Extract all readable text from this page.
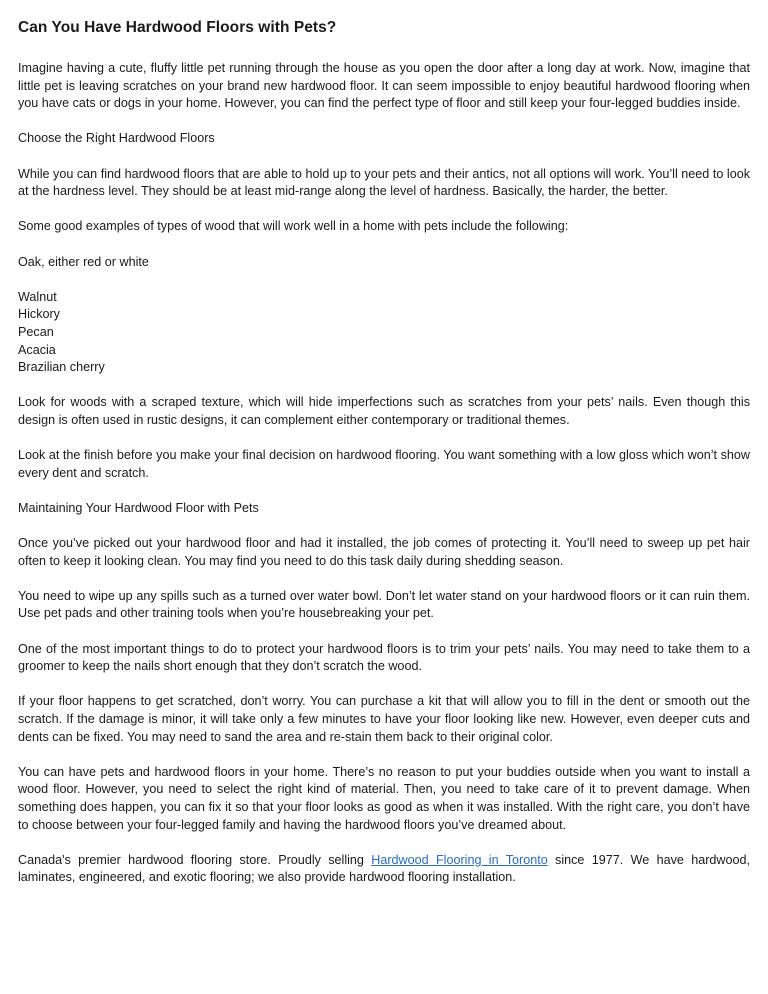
Can You Have Hardwood Floors with Pets?

Imagine having a cute, fluffy little pet running through the house as you open the door after a long day at work. Now, imagine that little pet is leaving scratches on your brand new hardwood floor. It can seem impossible to enjoy beautiful hardwood flooring when you have cats or dogs in your home. However, you can find the perfect type of floor and still keep your four-legged buddies inside.

Choose the Right Hardwood Floors

While you can find hardwood floors that are able to hold up to your pets and their antics, not all options will work. You’ll need to look at the hardness level. They should be at least mid-range along the level of hardness. Basically, the harder, the better.

Some good examples of types of wood that will work well in a home with pets include the following:

Oak, either red or white

Walnut
Hickory
Pecan
Acacia
Brazilian cherry

Look for woods with a scraped texture, which will hide imperfections such as scratches from your pets’ nails. Even though this design is often used in rustic designs, it can complement either contemporary or traditional themes.

Look at the finish before you make your final decision on hardwood flooring. You want something with a low gloss which won’t show every dent and scratch.

Maintaining Your Hardwood Floor with Pets

Once you’ve picked out your hardwood floor and had it installed, the job comes of protecting it. You’ll need to sweep up pet hair often to keep it looking clean. You may find you need to do this task daily during shedding season.

You need to wipe up any spills such as a turned over water bowl. Don’t let water stand on your hardwood floors or it can ruin them. Use pet pads and other training tools when you’re housebreaking your pet.

One of the most important things to do to protect your hardwood floors is to trim your pets’ nails. You may need to take them to a groomer to keep the nails short enough that they don’t scratch the wood.

If your floor happens to get scratched, don’t worry. You can purchase a kit that will allow you to fill in the dent or smooth out the scratch. If the damage is minor, it will take only a few minutes to have your floor looking like new. However, even deeper cuts and dents can be fixed. You may need to sand the area and re-stain them back to their original color.

You can have pets and hardwood floors in your home. There’s no reason to put your buddies outside when you want to install a wood floor. However, you need to select the right kind of material. Then, you need to take care of it to prevent damage. When something does happen, you can fix it so that your floor looks as good as when it was installed. With the right care, you don’t have to choose between your four-legged family and having the hardwood floors you’ve dreamed about.

Canada's premier hardwood flooring store. Proudly selling Hardwood Flooring in Toronto since 1977. We have hardwood, laminates, engineered, and exotic flooring; we also provide hardwood flooring installation.
